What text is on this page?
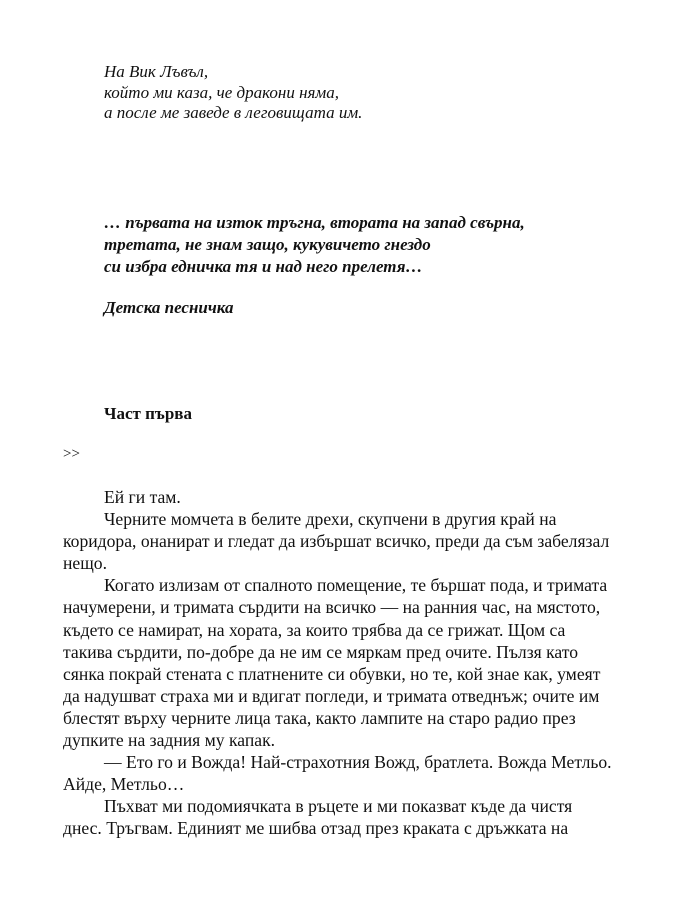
На Вик Лъвъл,
който ми каза, че дракони няма,
а после ме заведе в леговищата им.
… първата на изток тръгна, втората на запад свърна,
третата, не знам защо, кукувичето гнездо
си избра едничка тя и над него прелетя…
Детска песничка
Част първа
>>
Ей ги там.
Черните момчета в белите дрехи, скупчени в другия край на
коридора, онанират и гледат да избършат всичко, преди да съм забелязал
нещо.
Когато излизам от спалното помещение, те бършат пода, и тримата
начумерени, и тримата сърдити на всичко — на ранния час, на мястото,
където се намират, на хората, за които трябва да се грижат. Щом са
такива сърдити, по-добре да не им се мяркам пред очите. Пълзя като
сянка покрай стената с платнените си обувки, но те, кой знае как, умеят
да надушват страха ми и вдигат погледи, и тримата отведнъж; очите им
блестят върху черните лица така, както лампите на старо радио през
дупките на задния му капак.
— Ето го и Вожда! Най-страхотния Вожд, братлета. Вожда Метльо.
Айде, Метльо…
Пъхват ми подомиячката в ръцете и ми показват къде да чистя
днес. Тръгвам. Единият ме шибва отзад през краката с дръжката на
